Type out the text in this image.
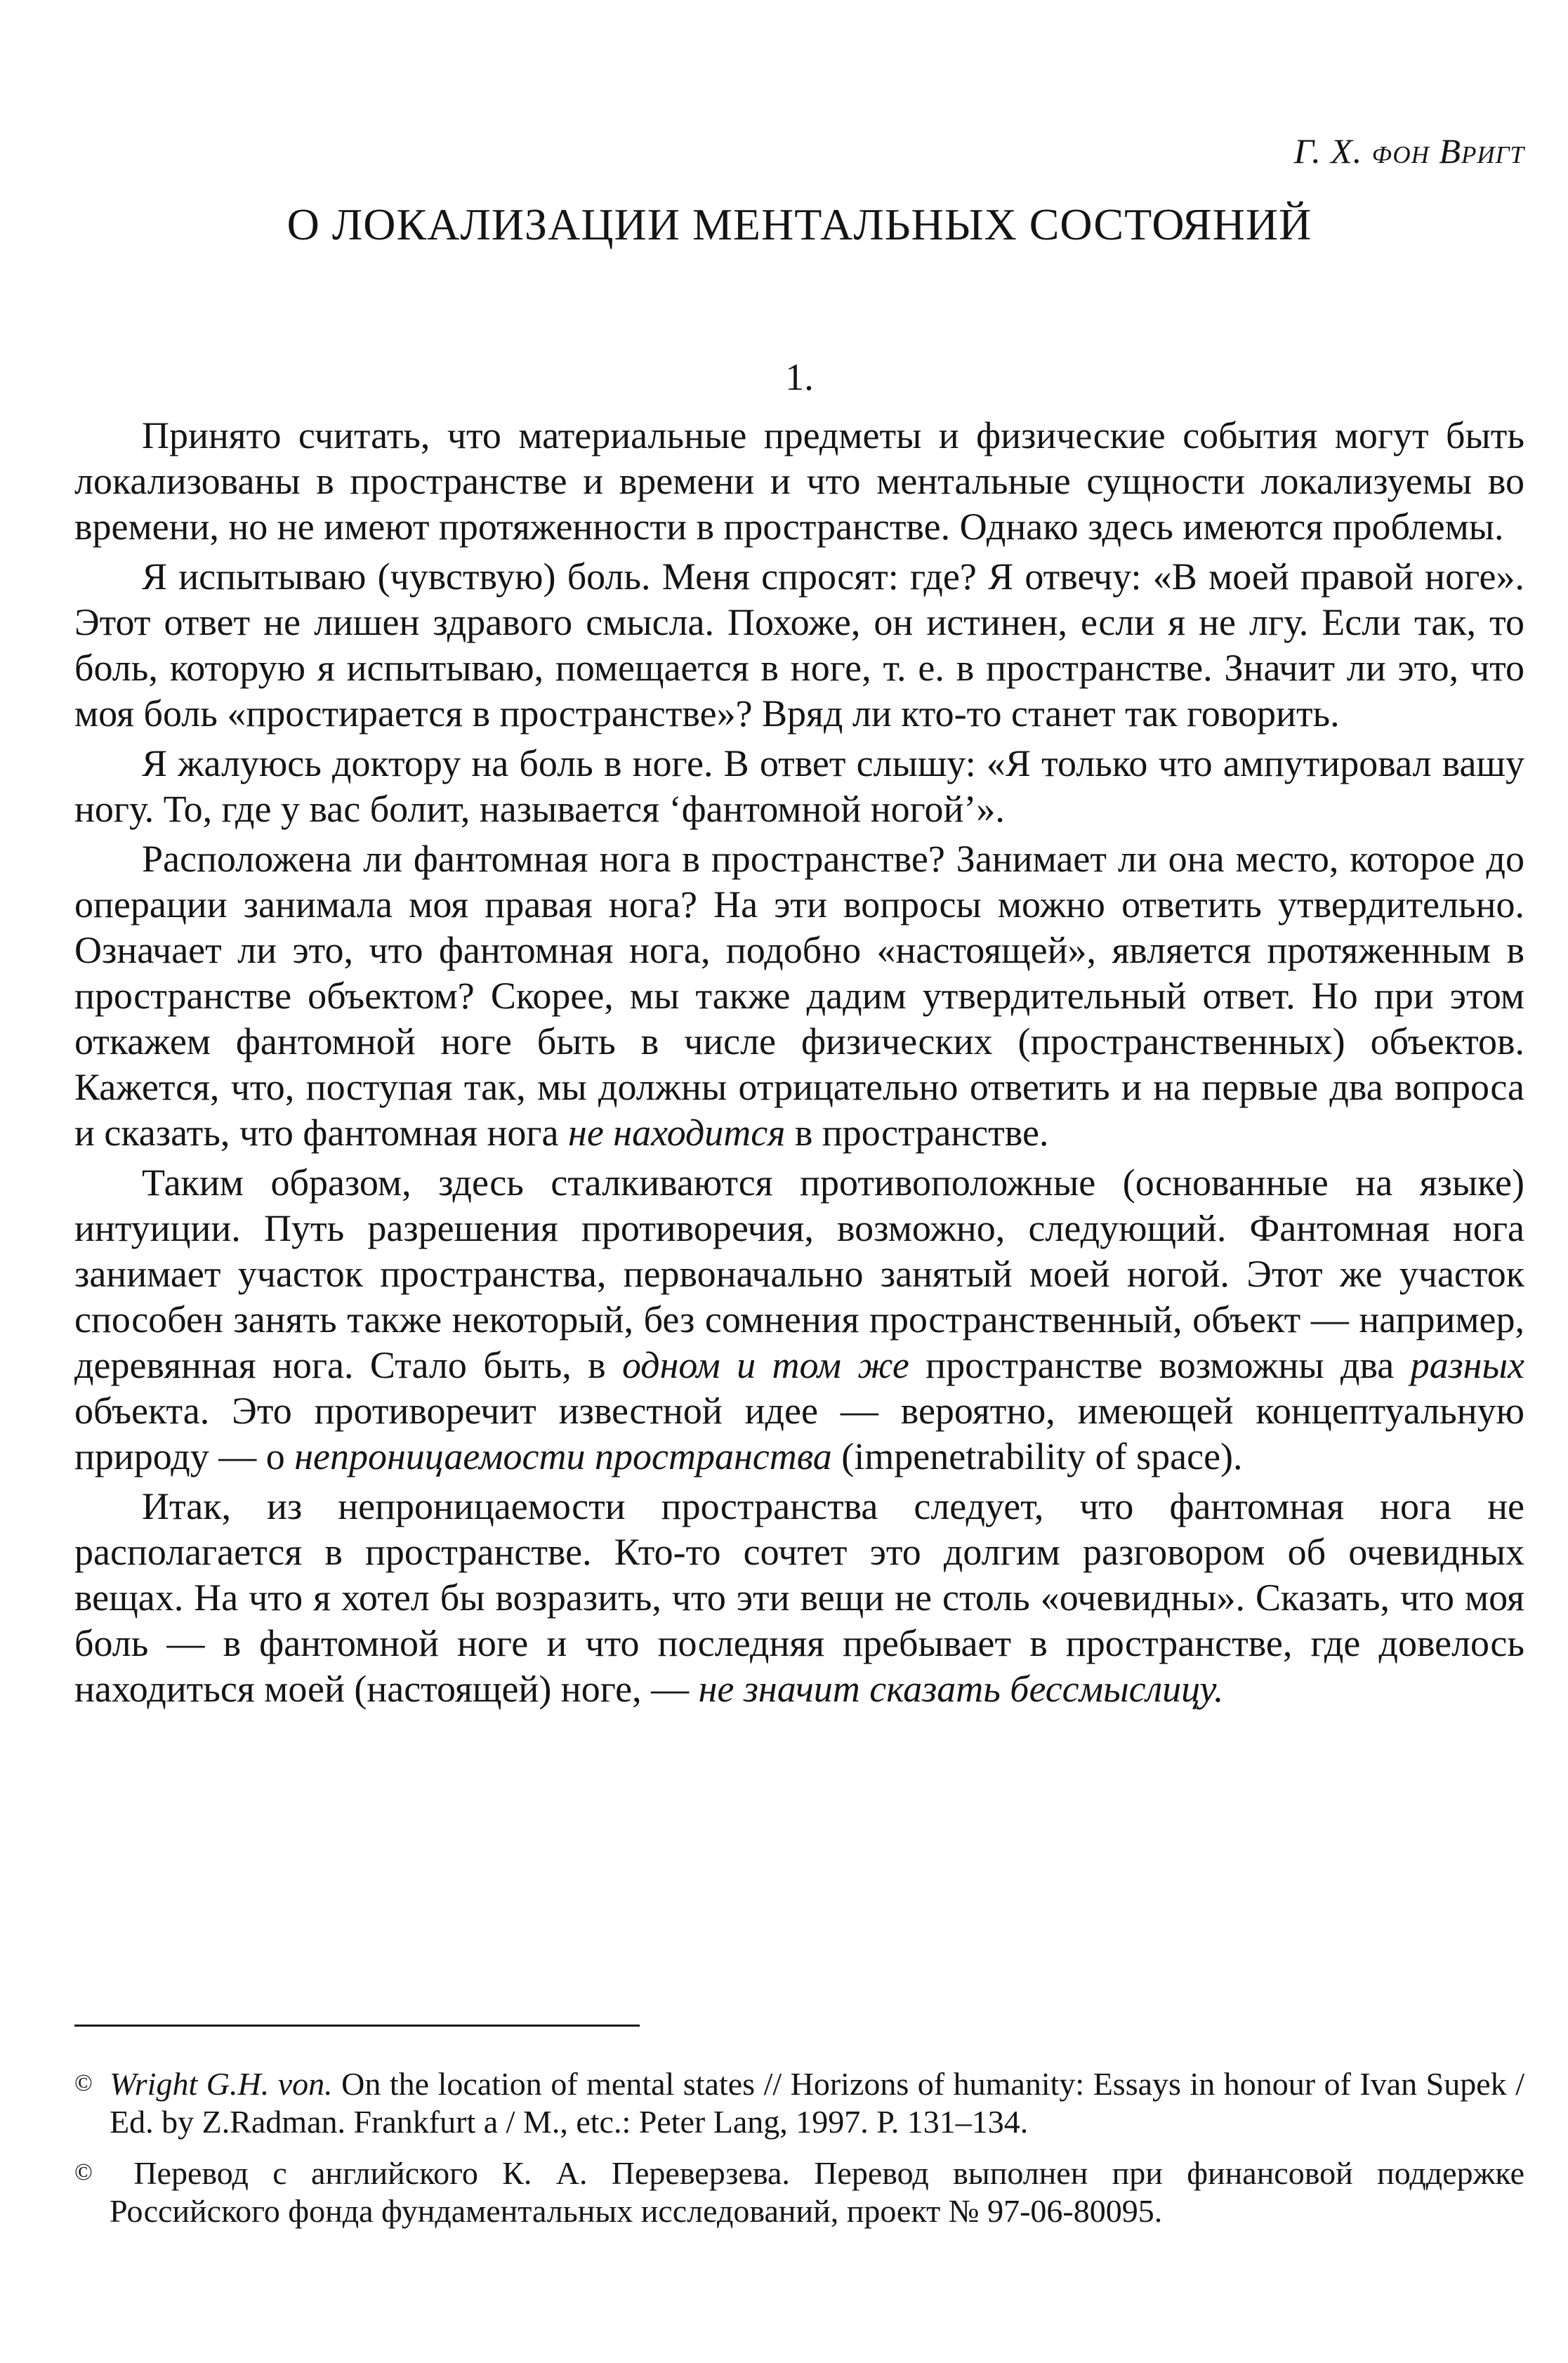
Г. Х. фон Вригт
О ЛОКАЛИЗАЦИИ МЕНТАЛЬНЫХ СОСТОЯНИЙ
1.

Принято считать, что материальные предметы и физические события могут быть локализованы в пространстве и времени и что ментальные сущности локализуемы во времени, но не имеют протяженности в пространстве. Однако здесь имеются проблемы.

Я испытываю (чувствую) боль. Меня спросят: где? Я отвечу: «В моей правой ноге». Этот ответ не лишен здравого смысла. Похоже, он истинен, если я не лгу. Если так, то боль, которую я испытываю, помещается в ноге, т. е. в пространстве. Значит ли это, что моя боль «простирается в пространстве»? Вряд ли кто-то станет так говорить.

Я жалуюсь доктору на боль в ноге. В ответ слышу: «Я только что ампутировал вашу ногу. То, где у вас болит, называется ‘фантомной ногой’».

Расположена ли фантомная нога в пространстве? Занимает ли она место, которое до операции занимала моя правая нога? На эти вопросы можно ответить утвердительно. Означает ли это, что фантомная нога, подобно «настоящей», является протяженным в пространстве объектом? Скорее, мы также дадим утвердительный ответ. Но при этом откажем фантомной ноге быть в числе физических (пространственных) объектов. Кажется, что, поступая так, мы должны отрицательно ответить и на первые два вопроса и сказать, что фантомная нога не находится в пространстве.

Таким образом, здесь сталкиваются противоположные (основанные на языке) интуиции. Путь разрешения противоречия, возможно, следующий. Фантомная нога занимает участок пространства, первоначально занятый моей ногой. Этот же участок способен занять также некоторый, без сомнения пространственный, объект — например, деревянная нога. Стало быть, в одном и том же пространстве возможны два разных объекта. Это противоречит известной идее — вероятно, имеющей концептуальную природу — о непроницаемости пространства (impenetrability of space).

Итак, из непроницаемости пространства следует, что фантомная нога не располагается в пространстве. Кто-то сочтет это долгим разговором об очевидных вещах. На что я хотел бы возразить, что эти вещи не столь «очевидны». Сказать, что моя боль — в фантомной ноге и что последняя пребывает в пространстве, где довелось находиться моей (настоящей) ноге, — не значит сказать бессмыслицу.

© Wright G.H. von. On the location of mental states // Horizons of humanity: Essays in honour of Ivan Supek / Ed. by Z.Radman. Frankfurt a / M., etc.: Peter Lang, 1997. P. 131–134.

© Перевод с английского К. А. Переверзева. Перевод выполнен при финансовой поддержке Российского фонда фундаментальных исследований, проект № 97-06-80095.
